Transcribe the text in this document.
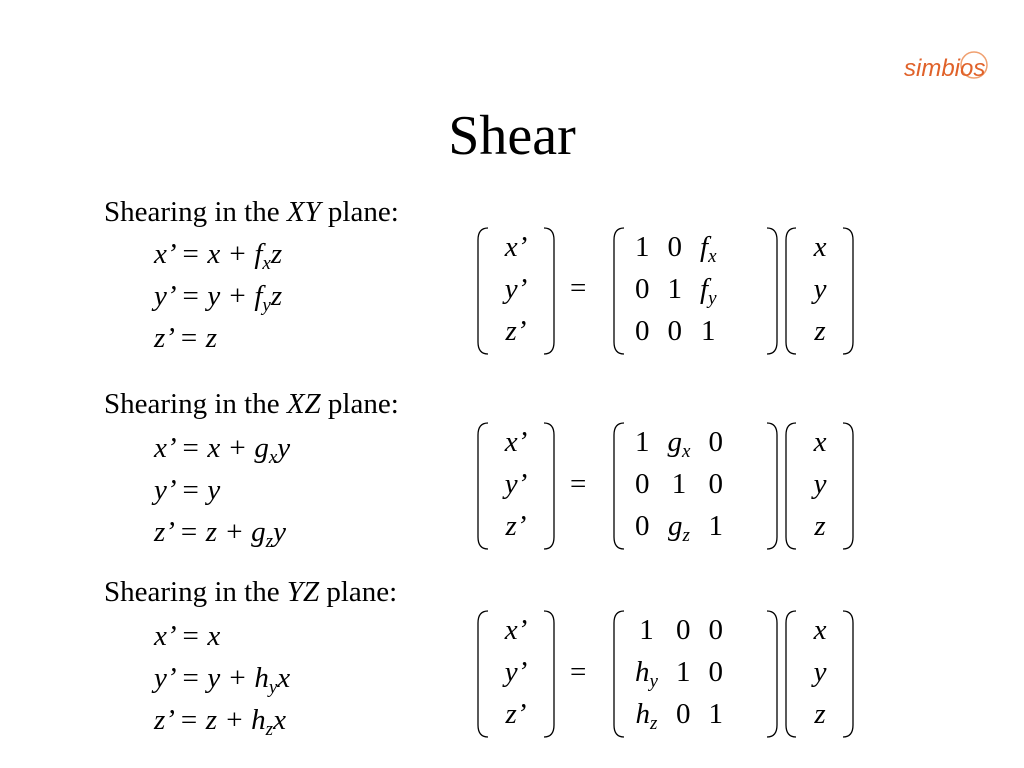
simbios
Shear
Shearing in the XY plane:
x’ = $x + f_xz$
y’ = $y + f_yz$
z’ = z
x’
y’
z’
=
1	0	$f_x$
0	1	$f_y$
0	0	1
x
y
z
Shearing in the XZ plane:
x’ = $x + g_xy$
y’ = y
z’ = $z + g_zy$
x’
y’
z’
=
1	$g_x$	0
0	1	0
0	$g_z$	1
x
y
z
Shearing in the YZ plane:
x’ = x
y’ = $y + h_yx$
z’ = $z + h_zx$
x’
y’
z’
=
1	0	0
$h_y$	1	0
$h_z$	0	1
x
y
z
